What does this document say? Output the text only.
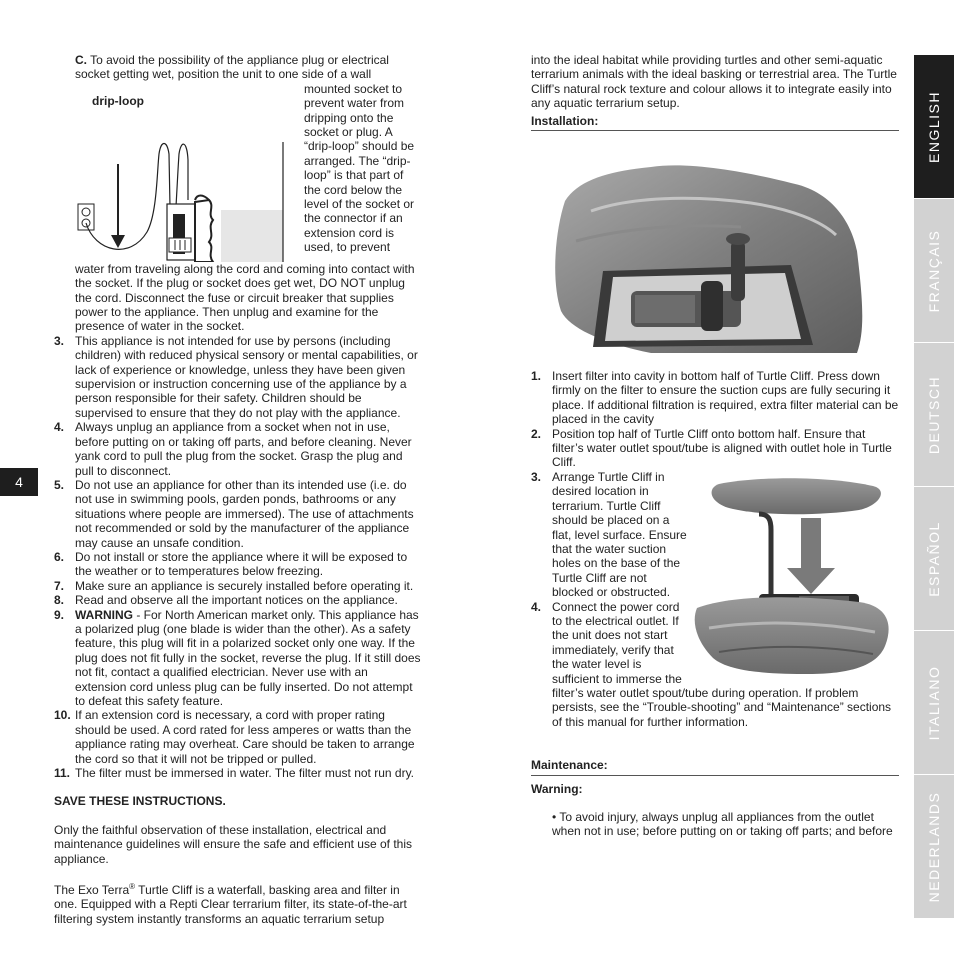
4

C. To avoid the possibility of the appliance plug or electrical socket getting wet, position the unit to one side of a wall

mounted socket to prevent water from dripping onto the socket or plug. A “drip-loop” should be arranged. The “drip-loop” is that part of the cord below the level of the socket or the connector if an extension cord is used, to prevent

drip-loop

water from traveling along the cord and coming into contact with the socket. If the plug or socket does get wet, DO NOT unplug the cord. Disconnect the fuse or circuit breaker that supplies power to the appliance. Then unplug and examine for the presence of water in the socket.

3. This appliance is not intended for use by persons (including children) with reduced physical sensory or mental capabilities, or lack of experience or knowledge, unless they have been given supervision or instruction concerning use of the appliance by a person responsible for their safety. Children should be supervised to ensure that they do not play with the appliance.
4. Always unplug an appliance from a socket when not in use, before putting on or taking off parts, and before cleaning. Never yank cord to pull the plug from the socket. Grasp the plug and pull to disconnect.
5. Do not use an appliance for other than its intended use (i.e. do not use in swimming pools, garden ponds, bathrooms or any situations where people are immersed). The use of attachments not recommended or sold by the manufacturer of the appliance may cause an unsafe condition.
6. Do not install or store the appliance where it will be exposed to the weather or to temperatures below freezing.
7. Make sure an appliance is securely installed before operating it.
8. Read and observe all the important notices on the appliance.
9. WARNING - For North American market only. This appliance has a polarized plug (one blade is wider than the other). As a safety feature, this plug will fit in a polarized socket only one way. If the plug does not fit fully in the socket, reverse the plug. If it still does not fit, contact a qualified electrician. Never use with an extension cord unless plug can be fully inserted. Do not attempt to defeat this safety feature.
10. If an extension cord is necessary, a cord with proper rating should be used. A cord rated for less amperes or watts than the appliance rating may overheat. Care should be taken to arrange the cord so that it will not be tripped or pulled.
11. The filter must be immersed in water. The filter must not run dry.

SAVE THESE INSTRUCTIONS.

Only the faithful observation of these installation, electrical and maintenance guidelines will ensure the safe and efficient use of this appliance.

The Exo Terra® Turtle Cliff is a waterfall, basking area and filter in one. Equipped with a Repti Clear terrarium filter, its state-of-the-art filtering system instantly transforms an aquatic terrarium setup

into the ideal habitat while providing turtles and other semi-aquatic terrarium animals with the ideal basking or terrestrial area. The Turtle Cliff’s natural rock texture and colour allows it to integrate easily into any aquatic terrarium setup.

Installation:

1. Insert filter into cavity in bottom half of Turtle Cliff. Press down firmly on the filter to ensure the suction cups are fully securing it place. If additional filtration is required, extra filter material can be placed in the cavity
2. Position top half of Turtle Cliff onto bottom half. Ensure that filter’s water outlet spout/tube is aligned with outlet hole in Turtle Cliff.
3. Arrange Turtle Cliff in desired location in terrarium. Turtle Cliff should be placed on a flat, level surface. Ensure that the water suction holes on the base of the Turtle Cliff are not blocked or obstructed.
4. Connect the power cord to the electrical outlet. If the unit does not start immediately, verify that the water level is sufficient to immerse the filter’s water outlet spout/tube during operation. If problem

persists, see the “Trouble-shooting” and “Maintenance” sections of this manual for further information.

Maintenance:

Warning:

• To avoid injury, always unplug all appliances from the outlet when not in use; before putting on or taking off parts; and before

ENGLISH
FRANÇAIS
DEUTSCH
ESPAÑOL
ITALIANO
NEDERLANDS
